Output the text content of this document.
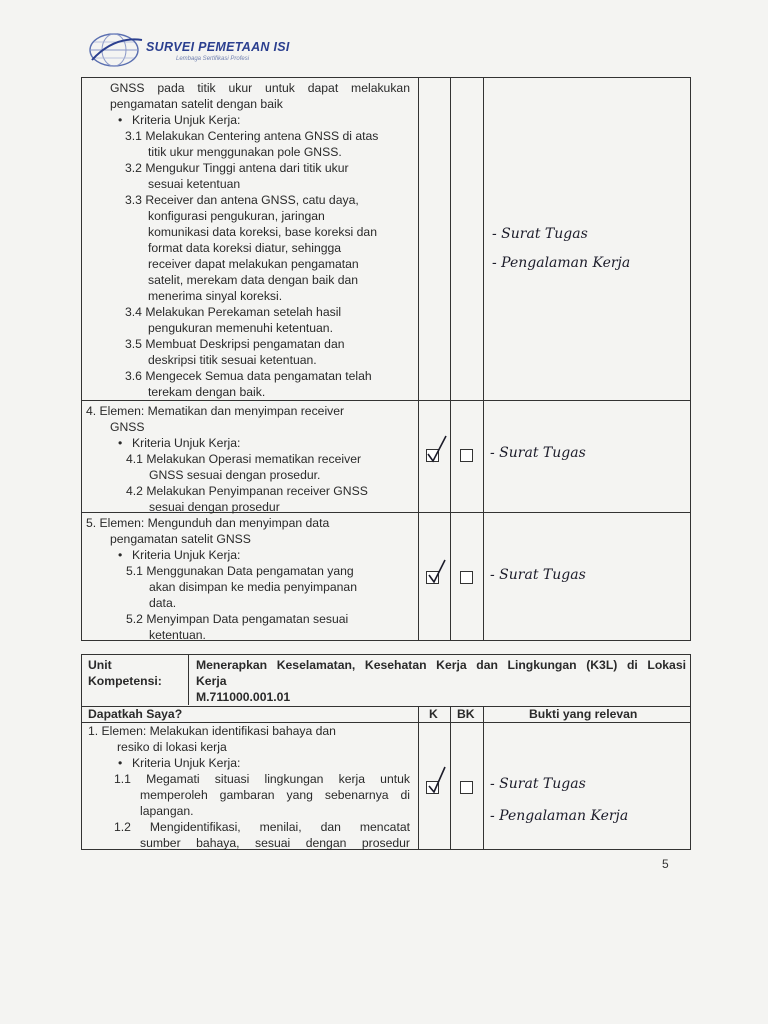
SURVEI PEMETAAN ISI
Lembaga Sertifikasi Profesi

GNSS pada titik ukur untuk dapat melakukan

pengamatan satelit dengan baik

Kriteria Unjuk Kerja:

3.1 Melakukan Centering antena GNSS di atas

titik ukur menggunakan pole GNSS.

3.2 Mengukur Tinggi antena dari titik ukur

sesuai ketentuan

3.3 Receiver dan antena GNSS, catu daya,

konfigurasi pengukuran, jaringan

komunikasi data koreksi, base koreksi dan

format data koreksi diatur, sehingga

receiver dapat melakukan pengamatan

satelit, merekam data dengan baik dan

menerima sinyal koreksi.

3.4 Melakukan Perekaman setelah hasil

pengukuran memenuhi ketentuan.

3.5 Membuat Deskripsi pengamatan dan

deskripsi titik sesuai ketentuan.

3.6 Mengecek Semua data pengamatan telah

terekam dengan baik.

- Surat Tugas
- Pengalaman Kerja

4. Elemen: Mematikan dan menyimpan receiver

GNSS

Kriteria Unjuk Kerja:

4.1 Melakukan Operasi mematikan receiver

GNSS sesuai dengan prosedur.

4.2 Melakukan Penyimpanan receiver GNSS

sesuai dengan prosedur

- Surat Tugas

5. Elemen: Mengunduh dan menyimpan data

pengamatan satelit GNSS

Kriteria Unjuk Kerja:

5.1 Menggunakan Data pengamatan yang

akan disimpan ke media penyimpanan

data.

5.2 Menyimpan Data pengamatan sesuai

ketentuan.

- Surat Tugas

Unit

Kompetensi:

Menerapkan Keselamatan, Kesehatan Kerja dan Lingkungan (K3L) di Lokasi

Kerja

M.711000.001.01

Dapatkah Saya?	K BK	Bukti yang relevan

1. Elemen: Melakukan identifikasi bahaya dan

resiko di lokasi kerja

Kriteria Unjuk Kerja:

1.1 Megamati situasi lingkungan kerja untuk

memperoleh gambaran yang sebenarnya di

lapangan.

1.2 Mengidentifikasi, menilai, dan mencatat

sumber bahaya, sesuai dengan prosedur

- Surat Tugas
- Pengalaman Kerja
5
